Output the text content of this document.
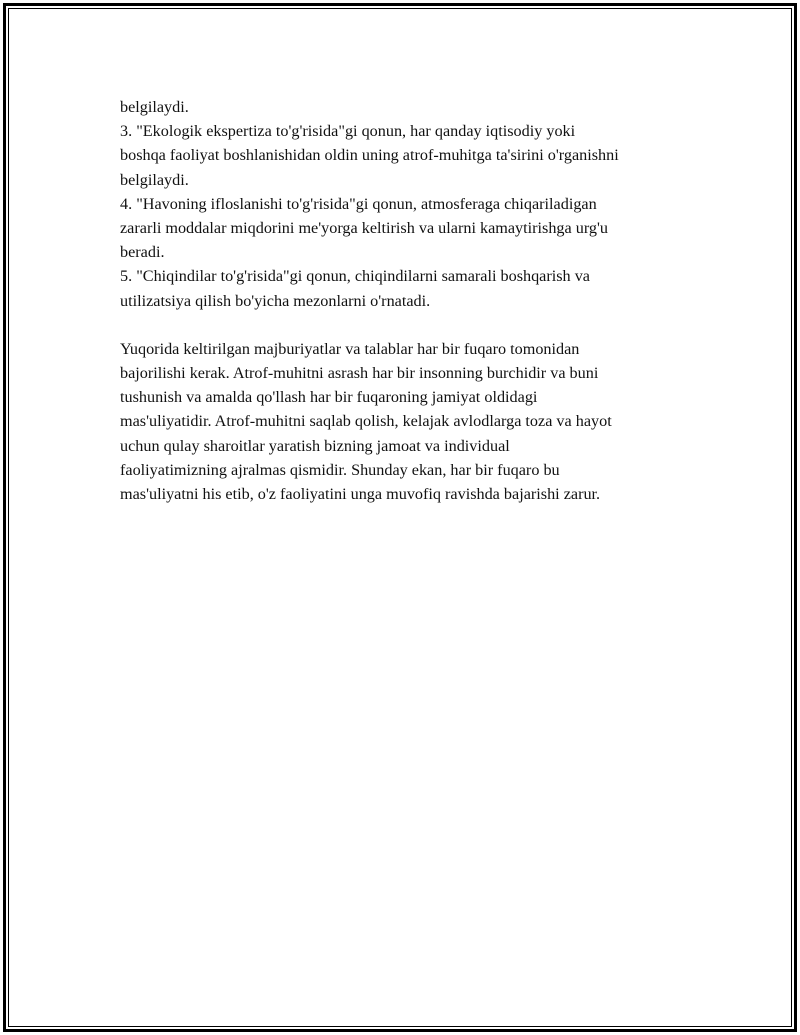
belgilaydi.

3. "Ekologik ekspertiza to'g'risida"gi qonun, har qanday iqtisodiy yoki

boshqa faoliyat boshlanishidan oldin uning atrof-muhitga ta'sirini o'rganishni

belgilaydi.

4. "Havoning ifloslanishi to'g'risida"gi qonun, atmosferaga chiqariladigan

zararli moddalar miqdorini me'yorga keltirish va ularni kamaytirishga urg'u

beradi.

5. "Chiqindilar to'g'risida"gi qonun, chiqindilarni samarali boshqarish va

utilizatsiya qilish bo'yicha mezonlarni o'rnatadi.

Yuqorida keltirilgan majburiyatlar va talablar har bir fuqaro tomonidan

bajorilishi kerak. Atrof-muhitni asrash har bir insonning burchidir va buni

tushunish va amalda qo'llash har bir fuqaroning jamiyat oldidagi

mas'uliyatidir. Atrof-muhitni saqlab qolish, kelajak avlodlarga toza va hayot

uchun qulay sharoitlar yaratish bizning jamoat va individual

faoliyatimizning ajralmas qismidir. Shunday ekan, har bir fuqaro bu

mas'uliyatni his etib, o'z faoliyatini unga muvofiq ravishda bajarishi zarur.
